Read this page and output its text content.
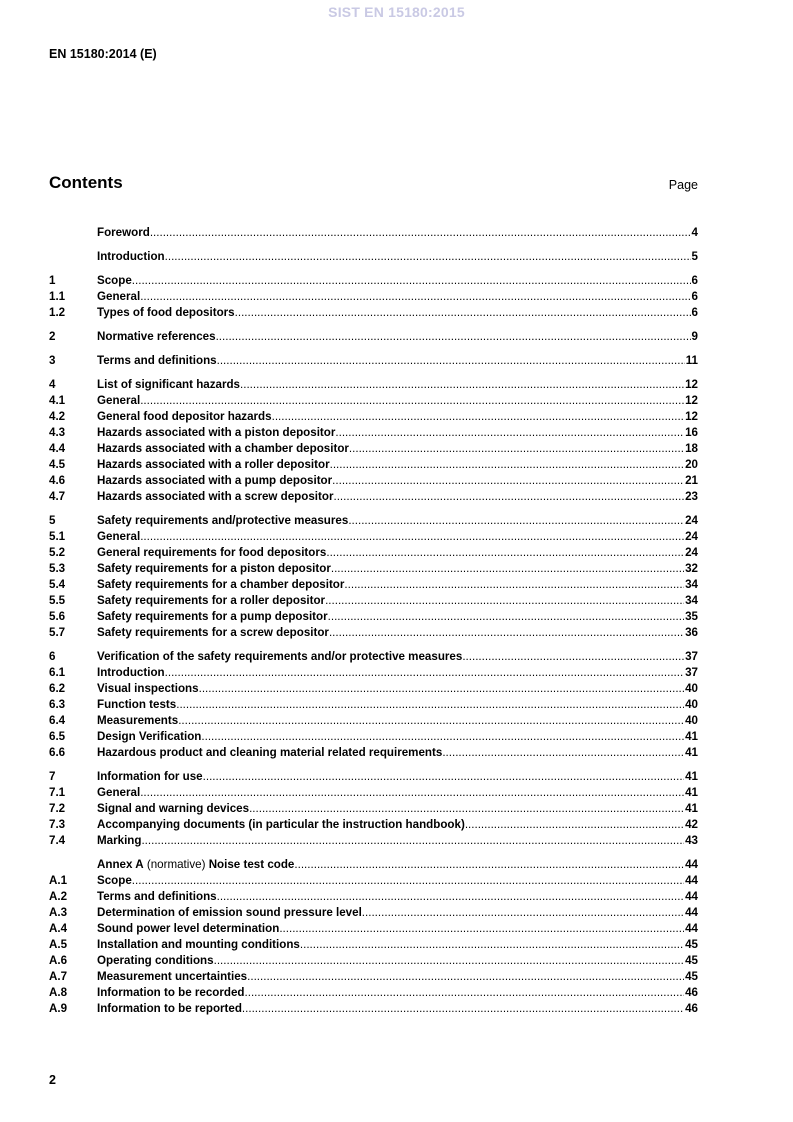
SIST EN 15180:2015
EN 15180:2014 (E)
Contents	Page
Foreword .....	4
Introduction .....	5
1	Scope .....	6
1.1	General .....	6
1.2	Types of food depositors .....	6
2	Normative references .....	9
3	Terms and definitions .....	11
4	List of significant hazards .....	12
4.1	General .....	12
4.2	General food depositor hazards .....	12
4.3	Hazards associated with a piston depositor .....	16
4.4	Hazards associated with a chamber depositor .....	18
4.5	Hazards associated with a roller depositor .....	20
4.6	Hazards associated with a pump depositor .....	21
4.7	Hazards associated with a screw depositor .....	23
5	Safety requirements and/protective measures .....	24
5.1	General .....	24
5.2	General requirements for food depositors .....	24
5.3	Safety requirements for a piston depositor .....	32
5.4	Safety requirements for a chamber depositor .....	34
5.5	Safety requirements for a roller depositor .....	34
5.6	Safety requirements for a pump depositor .....	35
5.7	Safety requirements for a screw depositor .....	36
6	Verification of the safety requirements and/or protective measures .....	37
6.1	Introduction .....	37
6.2	Visual inspections .....	40
6.3	Function tests .....	40
6.4	Measurements .....	40
6.5	Design Verification .....	41
6.6	Hazardous product and cleaning material related requirements .....	41
7	Information for use .....	41
7.1	General .....	41
7.2	Signal and warning devices .....	41
7.3	Accompanying documents (in particular the instruction handbook) .....	42
7.4	Marking .....	43
Annex A (normative) Noise test code .....	44
A.1	Scope .....	44
A.2	Terms and definitions .....	44
A.3	Determination of emission sound pressure level .....	44
A.4	Sound power level determination .....	44
A.5	Installation and mounting conditions .....	45
A.6	Operating conditions .....	45
A.7	Measurement uncertainties .....	45
A.8	Information to be recorded .....	46
A.9	Information to be reported .....	46
2
